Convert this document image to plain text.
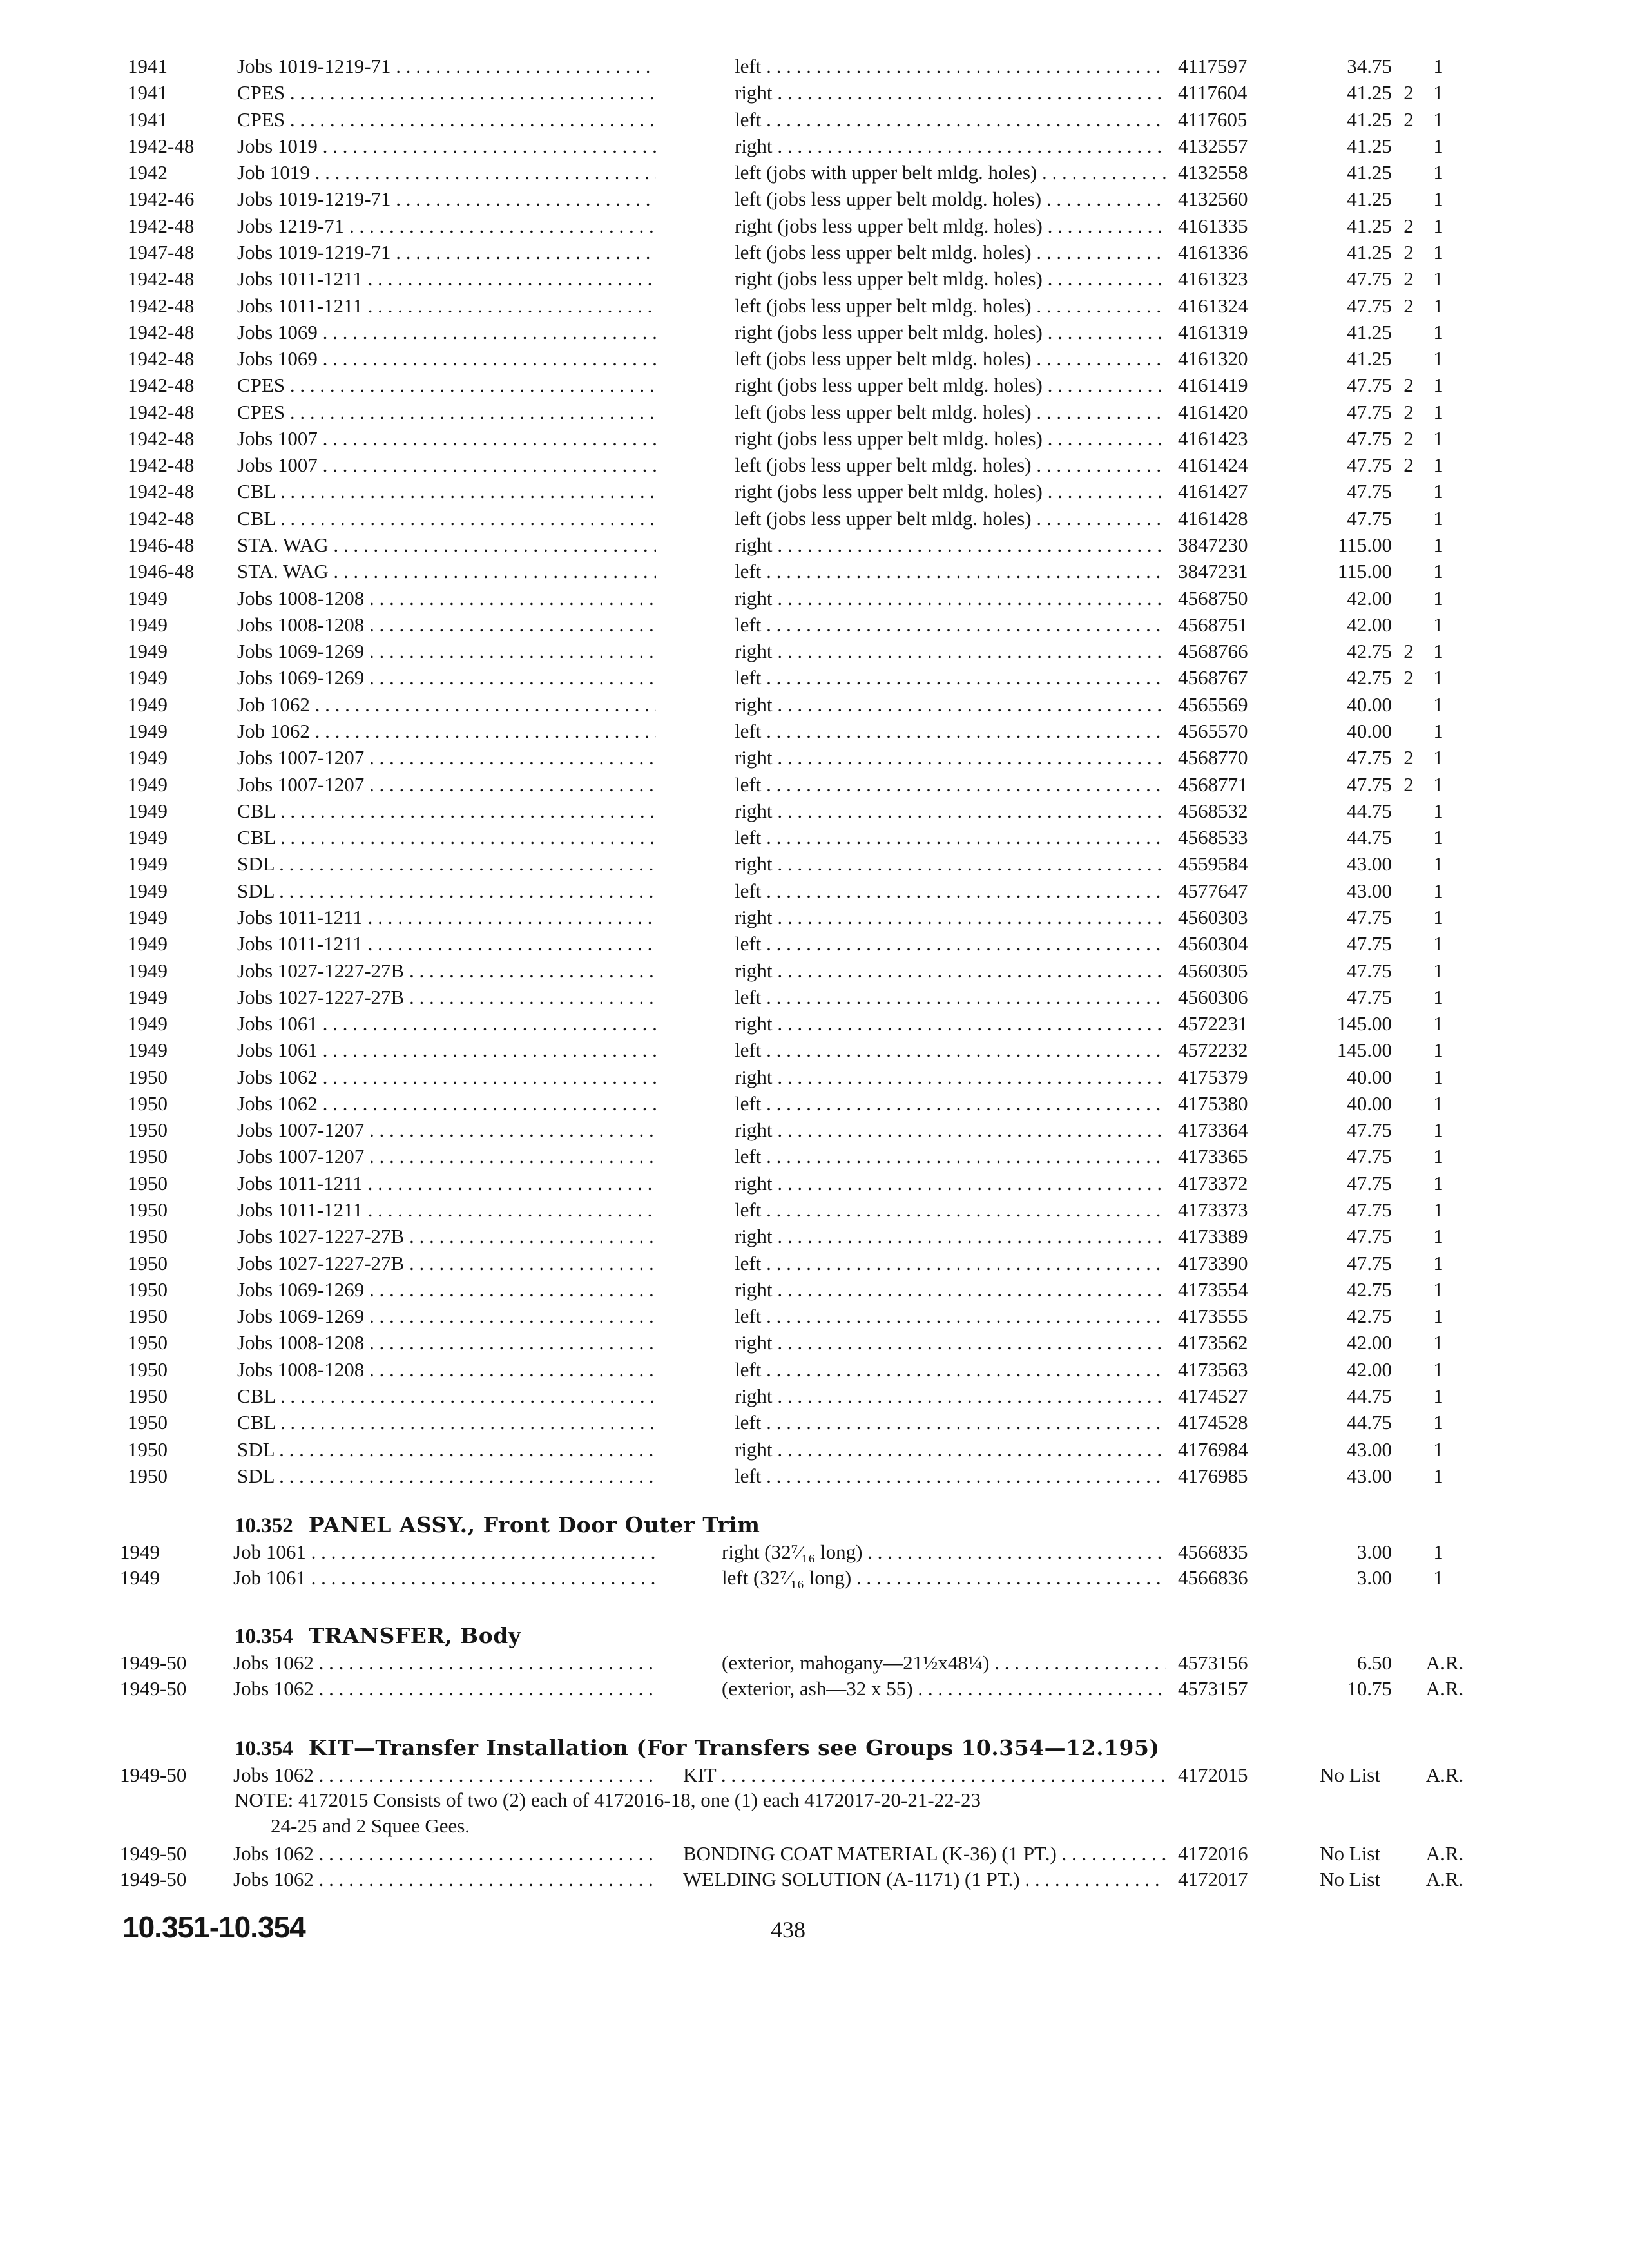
1941	Jobs 1019-1219-71 . . .	left . . .	4117597	34.75	1
1941	CPES . . .	right . . .	4117604	41.25 2 1
1941	CPES . . .	left . . .	4117605	41.25 2 1
1942-48	Jobs 1019 . . .	right . . .	4132557	41.25	1
1942	Job 1019 . . .	left (jobs with upper belt mldg. holes) . . .	4132558	41.25	1
1942-46	Jobs 1019-1219-71 . . .	left (jobs less upper belt moldg. holes) . . .	4132560	41.25	1
1942-48	Jobs 1219-71 . . .	right (jobs less upper belt mldg. holes) . . .	4161335	41.25 2 1
1947-48	Jobs 1019-1219-71 . . .	left (jobs less upper belt mldg. holes) . . .	4161336	41.25 2 1
1942-48	Jobs 1011-1211 . . .	right (jobs less upper belt mldg. holes) . . .	4161323	47.75 2 1
1942-48	Jobs 1011-1211 . . .	left (jobs less upper belt mldg. holes) . . .	4161324	47.75 2 1
1942-48	Jobs 1069 . . .	right (jobs less upper belt mldg. holes) . . .	4161319	41.25	1
1942-48	Jobs 1069 . . .	left (jobs less upper belt mldg. holes) . . .	4161320	41.25	1
1942-48	CPES . . .	right (jobs less upper belt mldg. holes) . . .	4161419	47.75 2 1
1942-48	CPES . . .	left (jobs less upper belt mldg. holes) . . .	4161420	47.75 2 1
1942-48	Jobs 1007 . . .	right (jobs less upper belt mldg. holes) . . .	4161423	47.75 2 1
1942-48	Jobs 1007 . . .	left (jobs less upper belt mldg. holes) . . .	4161424	47.75 2 1
1942-48	CBL . . .	right (jobs less upper belt mldg. holes) . . .	4161427	47.75	1
1942-48	CBL . . .	left (jobs less upper belt mldg. holes) . . .	4161428	47.75	1
1946-48	STA. WAG . . .	right . . .	3847230	115.00	1
1946-48	STA. WAG . . .	left . . .	3847231	115.00	1
1949	Jobs 1008-1208 . . .	right . . .	4568750	42.00	1
1949	Jobs 1008-1208 . . .	left . . .	4568751	42.00	1
1949	Jobs 1069-1269 . . .	right . . .	4568766	42.75 2 1
1949	Jobs 1069-1269 . . .	left . . .	4568767	42.75 2 1
1949	Job 1062 . . .	right . . .	4565569	40.00	1
1949	Job 1062 . . .	left . . .	4565570	40.00	1
1949	Jobs 1007-1207 . . .	right . . .	4568770	47.75 2 1
1949	Jobs 1007-1207 . . .	left . . .	4568771	47.75 2 1
1949	CBL . . .	right . . .	4568532	44.75	1
1949	CBL . . .	left . . .	4568533	44.75	1
1949	SDL . . .	right . . .	4559584	43.00	1
1949	SDL . . .	left . . .	4577647	43.00	1
1949	Jobs 1011-1211 . . .	right . . .	4560303	47.75	1
1949	Jobs 1011-1211 . . .	left . . .	4560304	47.75	1
1949	Jobs 1027-1227-27B . . .	right . . .	4560305	47.75	1
1949	Jobs 1027-1227-27B . . .	left . . .	4560306	47.75	1
1949	Jobs 1061 . . .	right . . .	4572231	145.00	1
1949	Jobs 1061 . . .	left . . .	4572232	145.00	1
1950	Jobs 1062 . . .	right . . .	4175379	40.00	1
1950	Jobs 1062 . . .	left . . .	4175380	40.00	1
1950	Jobs 1007-1207 . . .	right . . .	4173364	47.75	1
1950	Jobs 1007-1207 . . .	left . . .	4173365	47.75	1
1950	Jobs 1011-1211 . . .	right . . .	4173372	47.75	1
1950	Jobs 1011-1211 . . .	left . . .	4173373	47.75	1
1950	Jobs 1027-1227-27B . . .	right . . .	4173389	47.75	1
1950	Jobs 1027-1227-27B . . .	left . . .	4173390	47.75	1
1950	Jobs 1069-1269 . . .	right . . .	4173554	42.75	1
1950	Jobs 1069-1269 . . .	left . . .	4173555	42.75	1
1950	Jobs 1008-1208 . . .	right . . .	4173562	42.00	1
1950	Jobs 1008-1208 . . .	left . . .	4173563	42.00	1
1950	CBL . . .	right . . .	4174527	44.75	1
1950	CBL . . .	left . . .	4174528	44.75	1
1950	SDL . . .	right . . .	4176984	43.00	1
1950	SDL . . .	left . . .	4176985	43.00	1
10.352 PANEL ASSY., Front Door Outer Trim
1949	Job 1061 . . .	right (32⁷⁄₁₆ long) . . .	4566835	3.00	1
1949	Job 1061 . . .	left (32⁷⁄₁₆ long) . . .	4566836	3.00	1
10.354 TRANSFER, Body
1949-50	Jobs 1062 . . .	(exterior, mahogany—21½x48¼) . . .	4573156	6.50	A.R.
1949-50	Jobs 1062 . . .	(exterior, ash—32 x 55) . . .	4573157	10.75	A.R.
10.354 KIT—Transfer Installation (For Transfers see Groups 10.354—12.195)
1949-50	Jobs 1062 . . .	KIT . . .	4172015	No List	A.R.
NOTE: 4172015 Consists of two (2) each of 4172016-18, one (1) each 4172017-20-21-22-23
24-25 and 2 Squee Gees.
1949-50	Jobs 1062 . . .	BONDING COAT MATERIAL (K-36) (1 PT.) . . .	4172016	No List	A.R.
1949-50	Jobs 1062 . . .	WELDING SOLUTION (A-1171) (1 PT.) . . .	4172017	No List	A.R.
10.351-10.354	438
